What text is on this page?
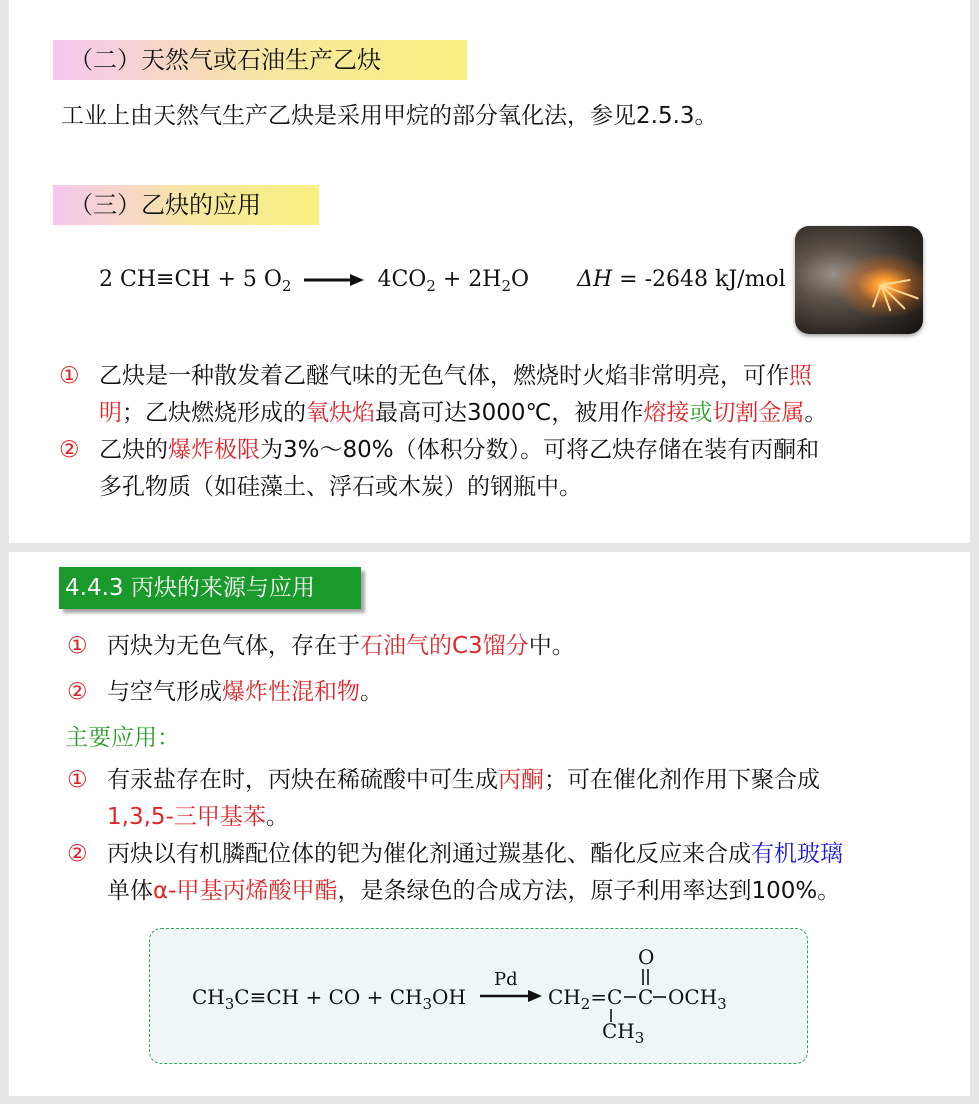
（二）天然气或石油生产乙炔
工业上由天然气生产乙炔是采用甲烷的部分氧化法，参见2.5.3。
（三）乙炔的应用
2 CH≡CH + 5 $O_2 \to 4CO_2 + 2H_2O$ ΔH = -2648 kJ/mol
① 乙炔是一种散发着乙醚气味的无色气体，燃烧时火焰非常明亮，可作照
明；乙炔燃烧形成的氧炔焰最高可达3000℃，被用作熔接或切割金属。
② 乙炔的爆炸极限为3%～80%（体积分数）。可将乙炔存储在装有丙酮和
多孔物质（如硅藻土、浮石或木炭）的钢瓶中。
4.4.3 丙炔的来源与应用
① 丙炔为无色气体，存在于石油气的C3馏分中。
② 与空气形成爆炸性混和物。
主要应用：
① 有汞盐存在时，丙炔在稀硫酸中可生成丙酮；可在催化剂作用下聚合成
1,3,5-三甲基苯。
② 丙炔以有机膦配位体的钯为催化剂通过羰基化、酯化反应来合成有机玻璃
单体α-甲基丙烯酸甲酯，是条绿色的合成方法，原子利用率达到100%。
$CH_3C\equiv CH$ + CO + $CH_3OH$
Pd
→ $CH_2=C$ C $OCH_3$
O
$CH_3$
